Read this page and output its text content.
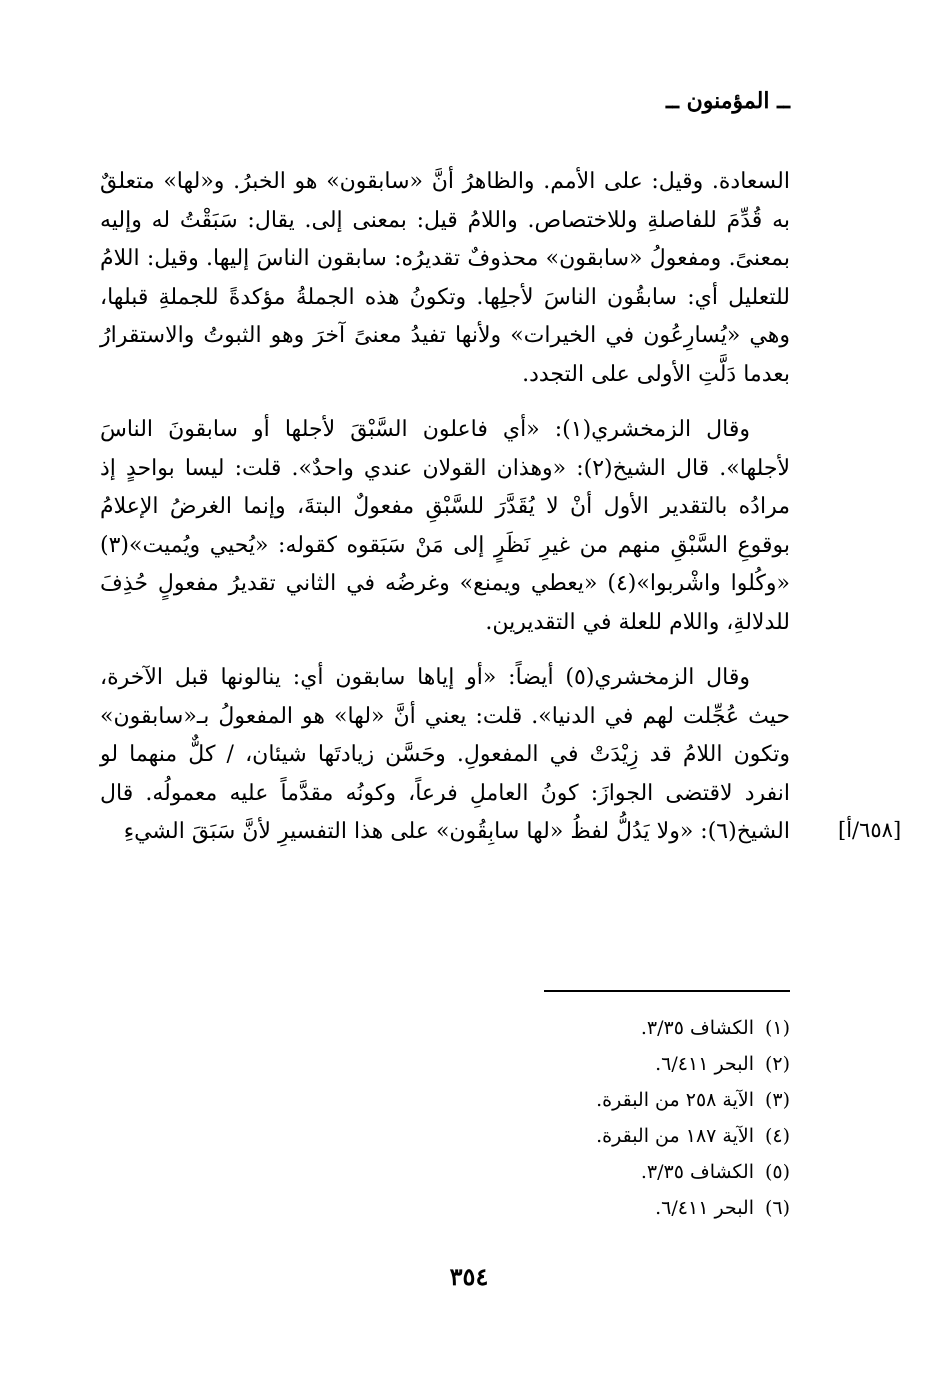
ــ المؤمنون ــ

السعادة. وقيل: على الأمم. والظاهرُ أنَّ «سابقون» هو الخبرُ. و«لها» متعلقٌ به قُدِّمَ للفاصلةِ وللاختصاص. واللامُ قيل: بمعنى إلى. يقال: سَبَقْتُ له وإليه بمعنىً. ومفعولُ «سابقون» محذوفٌ تقديرُه: سابقون الناسَ إليها. وقيل: اللامُ للتعليل أي: سابقُون الناسَ لأجلِها. وتكونُ هذه الجملةُ مؤكدةً للجملةِ قبلها، وهي «يُسارِعُون في الخيرات» ولأنها تفيدُ معنىً آخرَ وهو الثبوتُ والاستقرارُ بعدما دَلَّتِ الأولى على التجدد.

وقال الزمخشري(١): «أي فاعلون السَّبْقَ لأجلها أو سابقونَ الناسَ لأجلها». قال الشيخ(٢): «وهذان القولان عندي واحدٌ». قلت: ليسا بواحدٍ إذ مرادُه بالتقدير الأول أنْ لا يُقَدَّرَ للسَّبْقِ مفعولٌ البتةَ، وإنما الغرضُ الإعلامُ بوقوعِ السَّبْقِ منهم من غيرِ نَظَرٍ إلى مَنْ سَبَقوه كقوله: «يُحيي ويُميت»(٣) «وكُلوا واشْربوا»(٤) «يعطي ويمنع» وغرضُه في الثاني تقديرُ مفعولٍ حُذِفَ للدلالةِ، واللام للعلة في التقديرين.

وقال الزمخشري(٥) أيضاً: «أو إياها سابقون أي: ينالونها قبل الآخرة، حيث عُجِّلت لهم في الدنيا». قلت: يعني أنَّ «لها» هو المفعولُ بـ«سابقون» وتكون اللامُ قد زِيْدَتْ في المفعولِ. وحَسَّن زيادتَها شيئان، / كلٌّ منهما لو انفرد لاقتضى الجوازَ: كونُ العاملِ فرعاً، وكونُه مقدَّماً عليه معمولُه. قال الشيخ(٦): «ولا يَدُلُّ لفظُ «لها سابِقُون» على هذا التفسيرِ لأنَّ سَبَقَ الشيءِ [٦٥٨/أ]
(١)الكشاف ٣/٣٥.
(٢)البحر ٦/٤١١.
(٣)الآية ٢٥٨ من البقرة.
(٤)الآية ١٨٧ من البقرة.
(٥)الكشاف ٣/٣٥.
(٦)البحر ٦/٤١١.
٣٥٤
